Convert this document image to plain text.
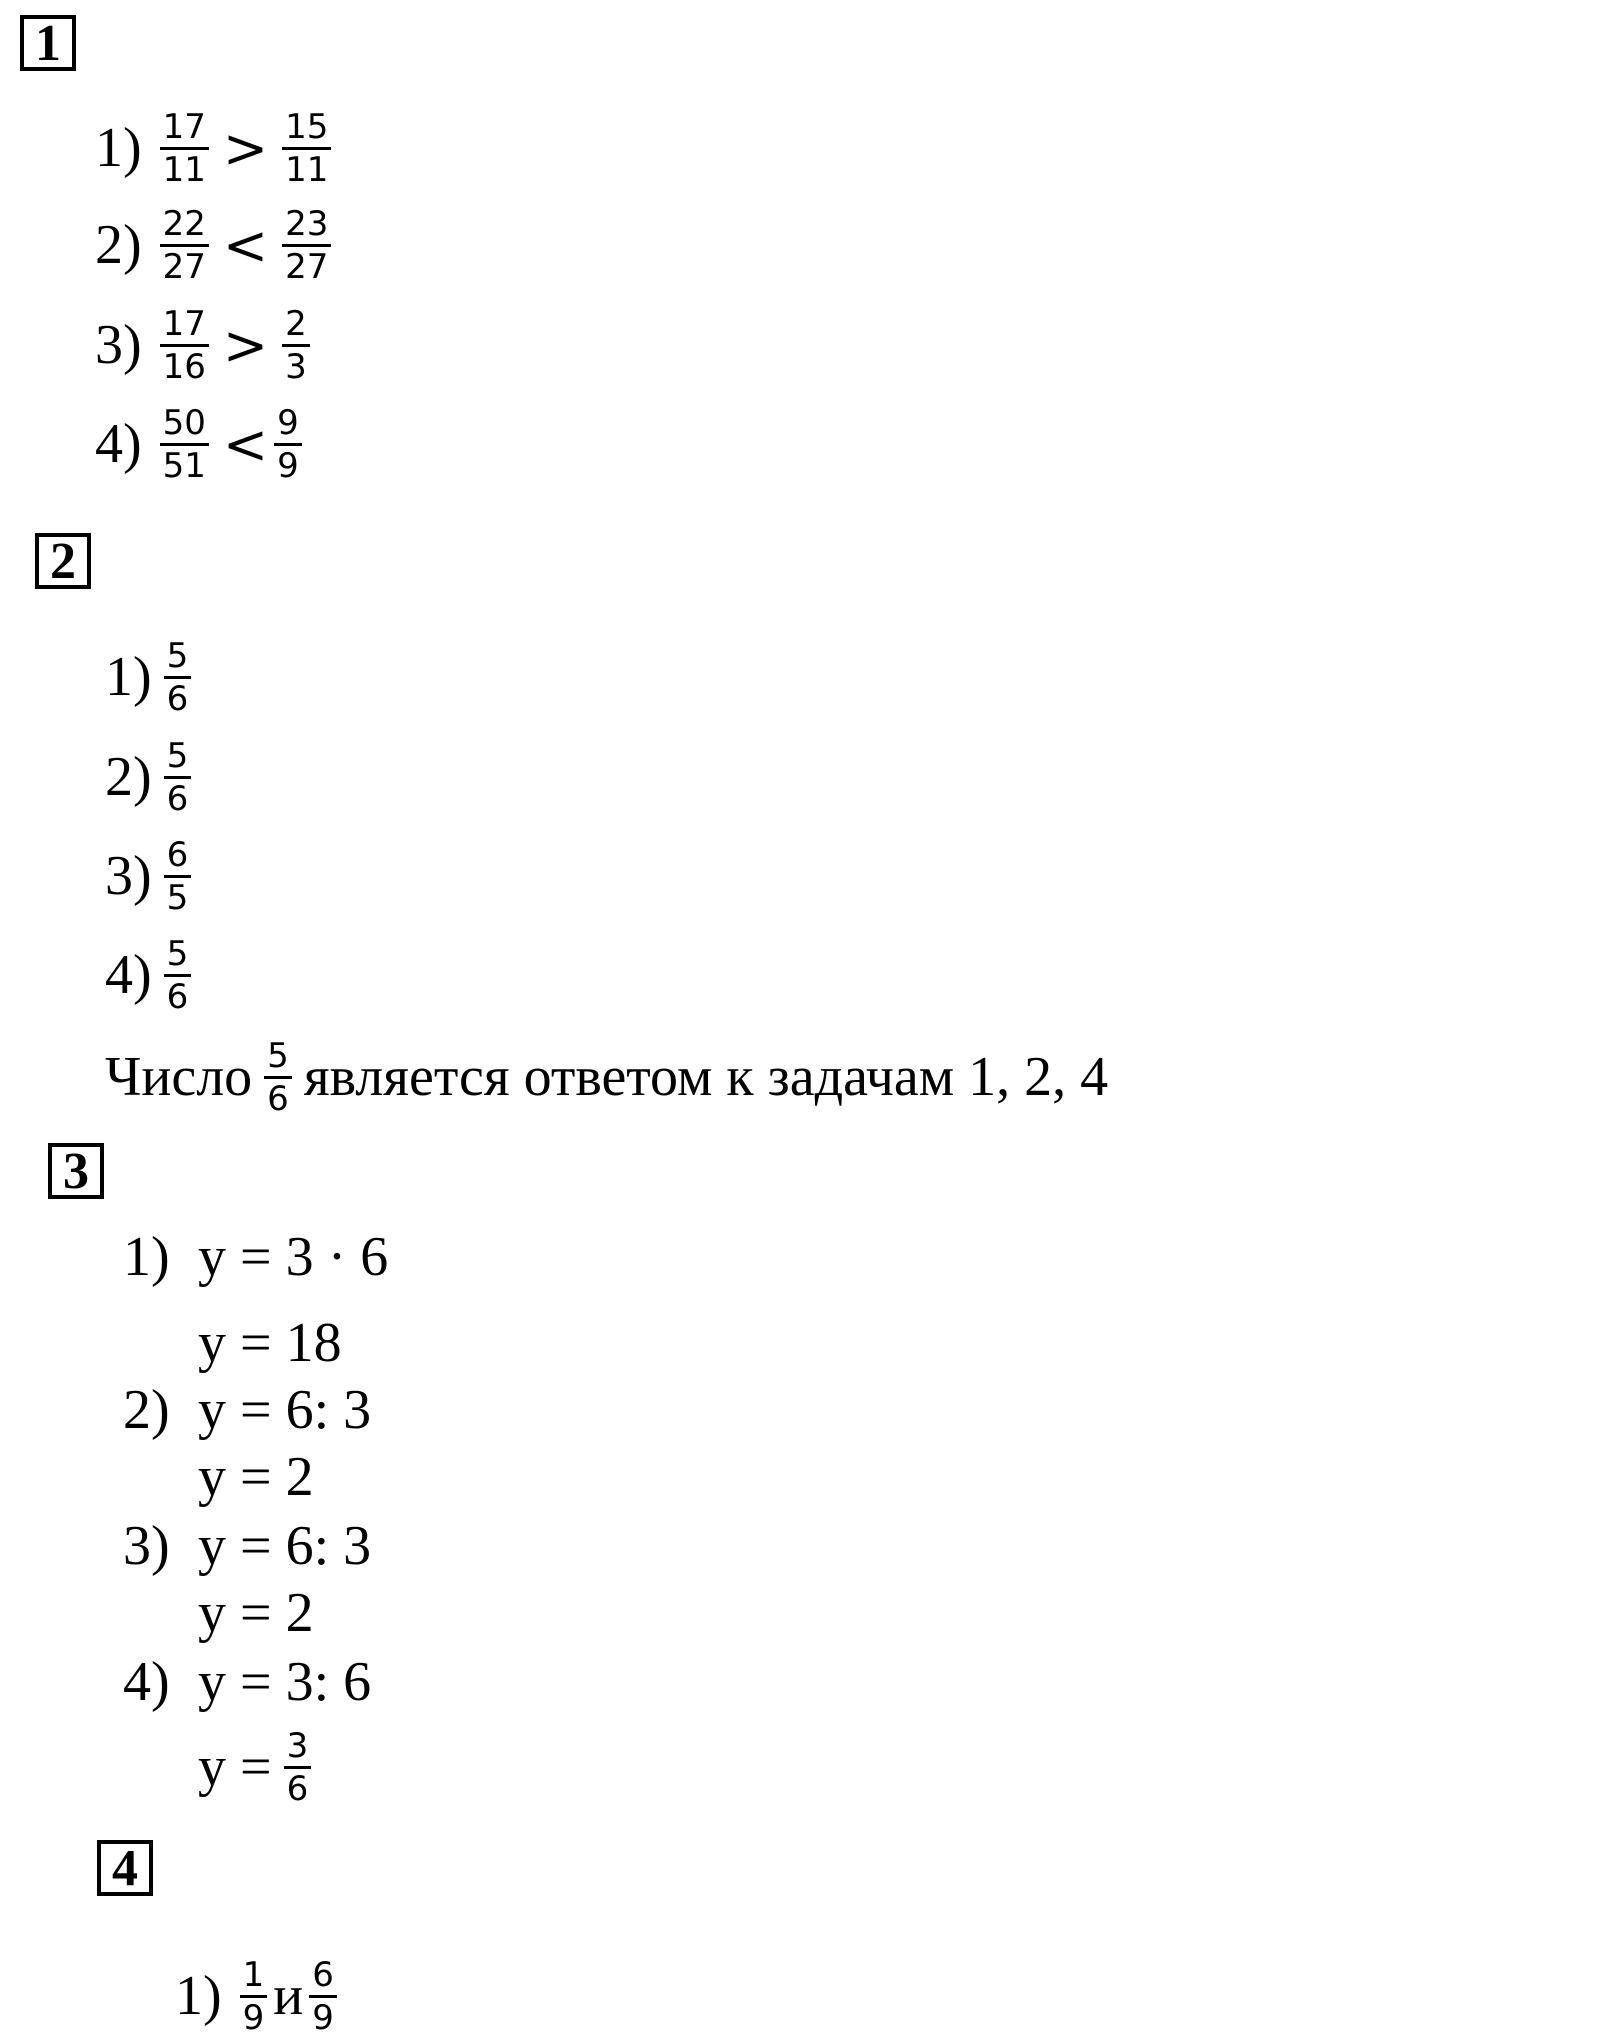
1
$1) \frac{17}{11} > \frac{15}{11}$
$2) \frac{22}{27} < \frac{23}{27}$
$3) \frac{17}{16} > \frac{2}{3}$
$4) \frac{50}{51} < \frac{9}{9}$
2
$1) \frac{5}{6}$
$2) \frac{5}{6}$
$3) \frac{6}{5}$
$4) \frac{5}{6}$
Число $\frac{5}{6}$ является ответом к задачам 1, 2, 4
3
1) y = 3 · 6
y = 18
2) y = 6: 3
y = 2
3) y = 6: 3
y = 2
4) y = 3: 6
$y = \frac{3}{6}$
4
$1) \frac{1}{9}$ и $\frac{6}{9}$
